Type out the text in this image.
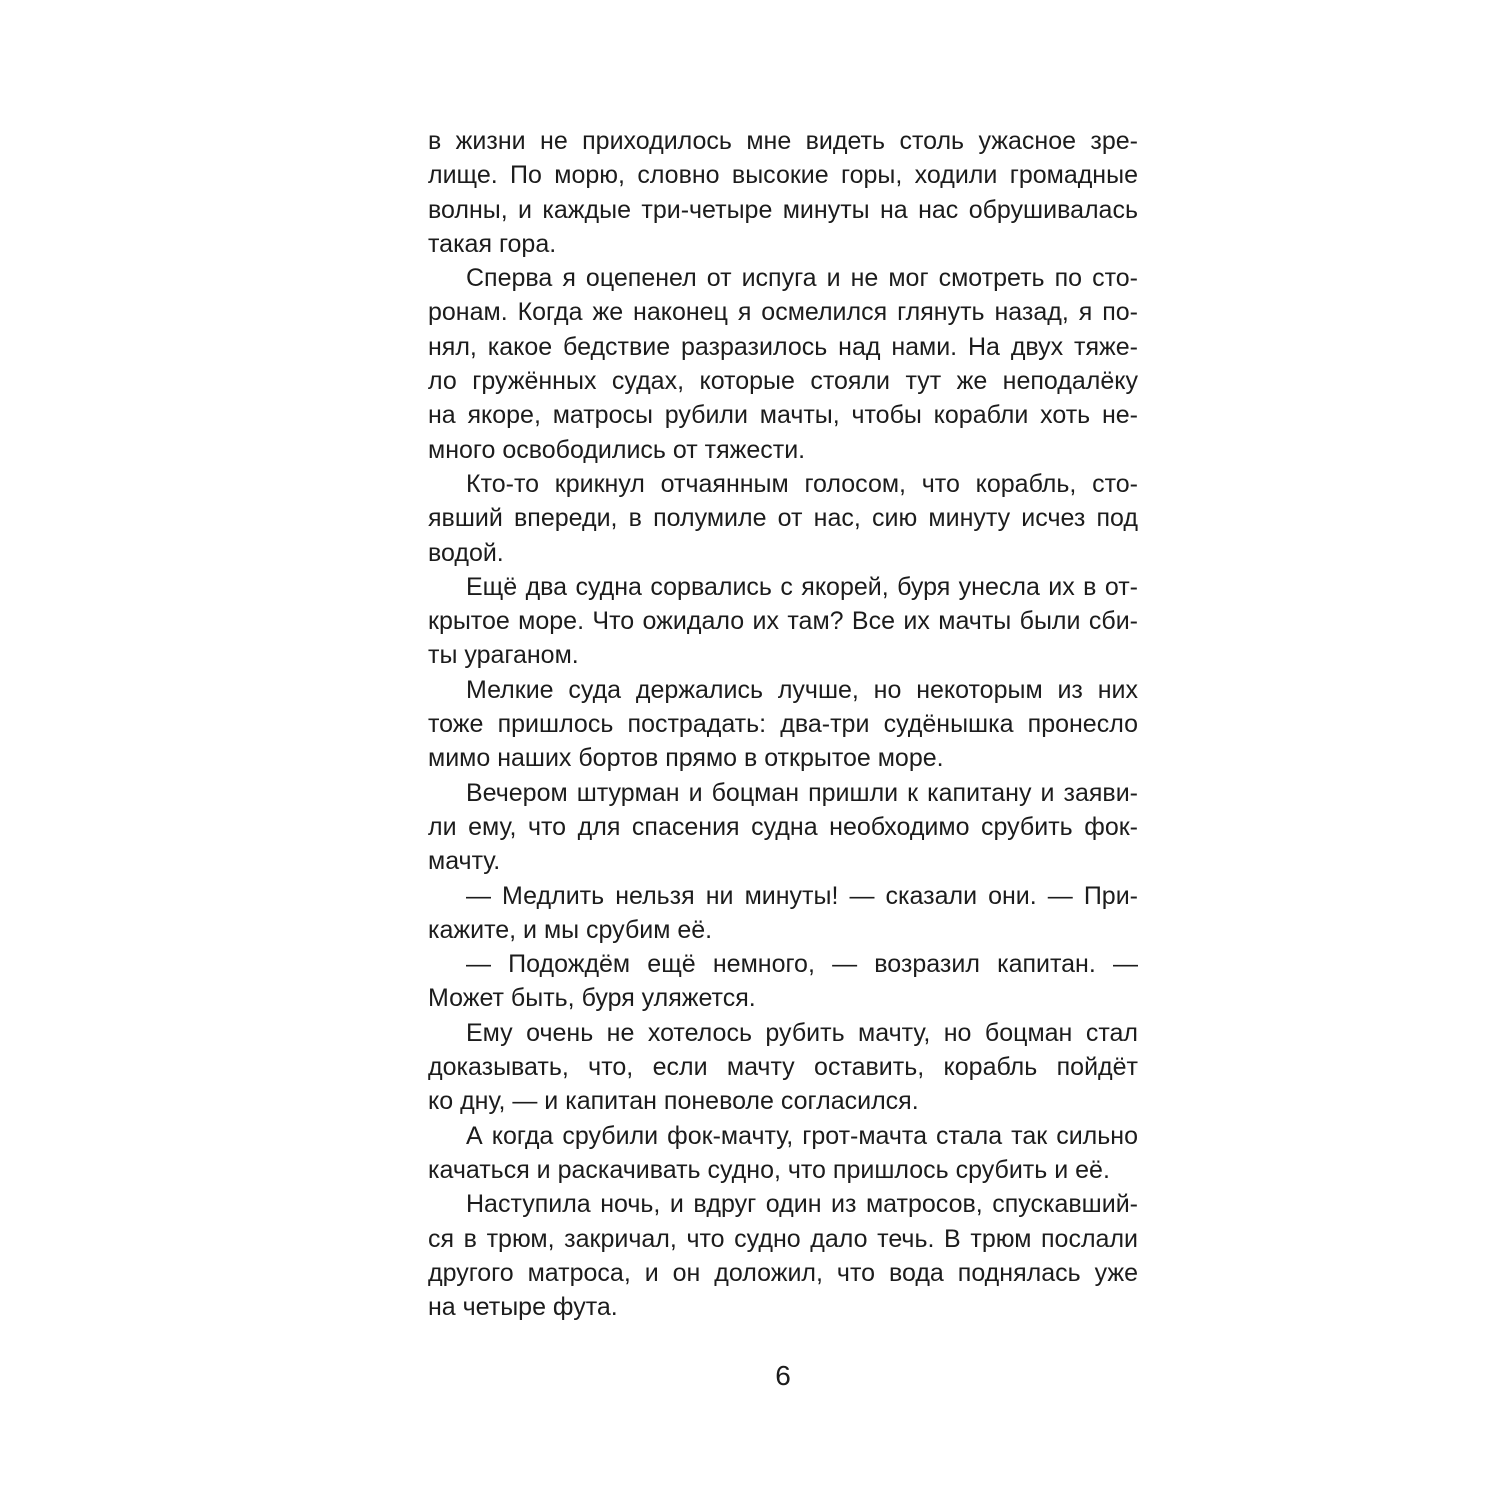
в жизни не приходилось мне видеть столь ужасное зре-
лище. По морю, словно высокие горы, ходили громадные
волны, и каждые три-четыре минуты на нас обрушивалась
такая гора.
Сперва я оцепенел от испуга и не мог смотреть по сто-
ронам. Когда же наконец я осмелился глянуть назад, я по-
нял, какое бедствие разразилось над нами. На двух тяже-
ло гружённых судах, которые стояли тут же неподалёку
на якоре, матросы рубили мачты, чтобы корабли хоть не-
много освободились от тяжести.
Кто-то крикнул отчаянным голосом, что корабль, сто-
явший впереди, в полумиле от нас, сию минуту исчез под
водой.
Ещё два судна сорвались с якорей, буря унесла их в от-
крытое море. Что ожидало их там? Все их мачты были сби-
ты ураганом.
Мелкие суда держались лучше, но некоторым из них
тоже пришлось пострадать: два-три судёнышка пронесло
мимо наших бортов прямо в открытое море.
Вечером штурман и боцман пришли к капитану и заяви-
ли ему, что для спасения судна необходимо срубить фок-
мачту.
— Медлить нельзя ни минуты! — сказали они. — При-
кажите, и мы срубим её.
— Подождём ещё немного, — возразил капитан. —
Может быть, буря уляжется.
Ему очень не хотелось рубить мачту, но боцман стал
доказывать, что, если мачту оставить, корабль пойдёт
ко дну, — и капитан поневоле согласился.
А когда срубили фок-мачту, грот-мачта стала так сильно
качаться и раскачивать судно, что пришлось срубить и её.
Наступила ночь, и вдруг один из матросов, спускавший-
ся в трюм, закричал, что судно дало течь. В трюм послали
другого матроса, и он доложил, что вода поднялась уже
на четыре фута.
6
